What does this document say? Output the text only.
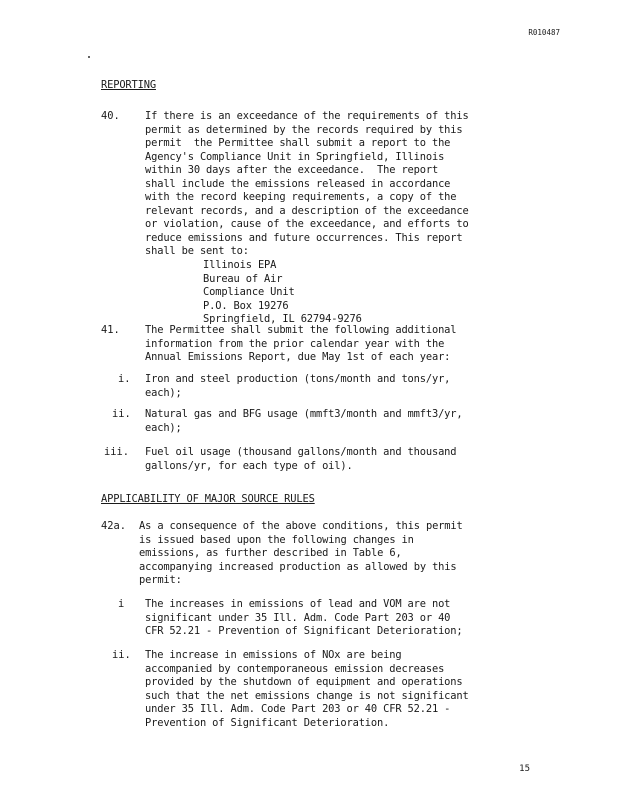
R010487
REPORTING
40. If there is an exceedance of the requirements of this
permit as determined by the records required by this
permit  the Permittee shall submit a report to the
Agency's Compliance Unit in Springfield, Illinois
within 30 days after the exceedance.  The report
shall include the emissions released in accordance
with the record keeping requirements, a copy of the
relevant records, and a description of the exceedance
or violation, cause of the exceedance, and efforts to
reduce emissions and future occurrences. This report
shall be sent to:
Illinois EPA
Bureau of Air
Compliance Unit
P.O. Box 19276
Springfield, IL 62794-9276
41. The Permittee shall submit the following additional
information from the prior calendar year with the
Annual Emissions Report, due May 1st of each year:
i. Iron and steel production (tons/month and tons/yr,
each);
ii. Natural gas and BFG usage (mmft3/month and mmft3/yr,
each);
iii. Fuel oil usage (thousand gallons/month and thousand
gallons/yr, for each type of oil).
APPLICABILITY OF MAJOR SOURCE RULES
42a. As a consequence of the above conditions, this permit
is issued based upon the following changes in
emissions, as further described in Table 6,
accompanying increased production as allowed by this
permit:
i The increases in emissions of lead and VOM are not
significant under 35 Ill. Adm. Code Part 203 or 40
CFR 52.21 - Prevention of Significant Deterioration;
ii. The increase in emissions of NOx are being
accompanied by contemporaneous emission decreases
provided by the shutdown of equipment and operations
such that the net emissions change is not significant
under 35 Ill. Adm. Code Part 203 or 40 CFR 52.21 -
Prevention of Significant Deterioration.
15
